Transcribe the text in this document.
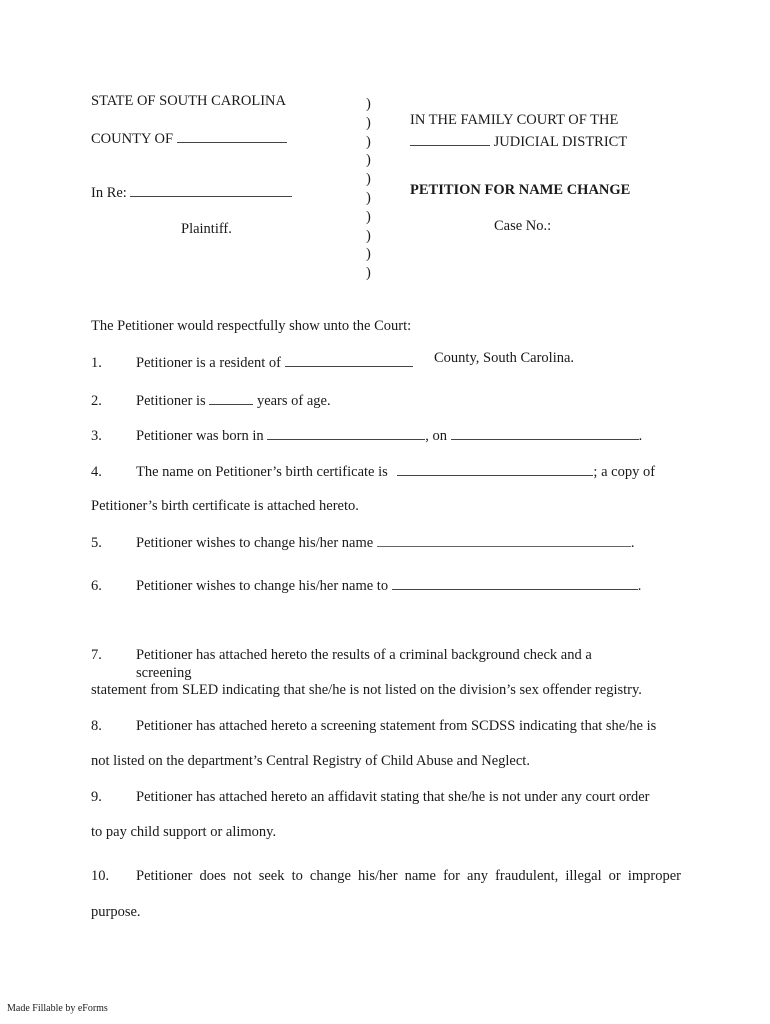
STATE OF SOUTH CAROLINA
COUNTY OF
In Re:
Plaintiff.
)
)
)
)
)
)
)
)
)
)
IN THE FAMILY COURT OF THE
JUDICIAL DISTRICT
PETITION FOR NAME CHANGE
Case No.:
The Petitioner would respectfully show unto the Court:
1. Petitioner is a resident of	County, South Carolina.
2. Petitioner is	years of age.
3. Petitioner was born in	, on	.
4. The name on Petitioner’s birth certificate is	; a copy of
Petitioner’s birth certificate is attached hereto.
5. Petitioner wishes to change his/her name	.
6. Petitioner wishes to change his/her name to	.
7. Petitioner has attached hereto the results of a criminal background check and a
screening
statement from SLED indicating that she/he is not listed on the division’s sex offender registry.
8. Petitioner has attached hereto a screening statement from SCDSS indicating that she/he is
not listed on the department’s Central Registry of Child Abuse and Neglect.
9. Petitioner has attached hereto an affidavit stating that she/he is not under any court order
to pay child support or alimony.
10. Petitioner does not seek to change his/her name for any fraudulent, illegal or improper
purpose.
Made Fillable by eForms
